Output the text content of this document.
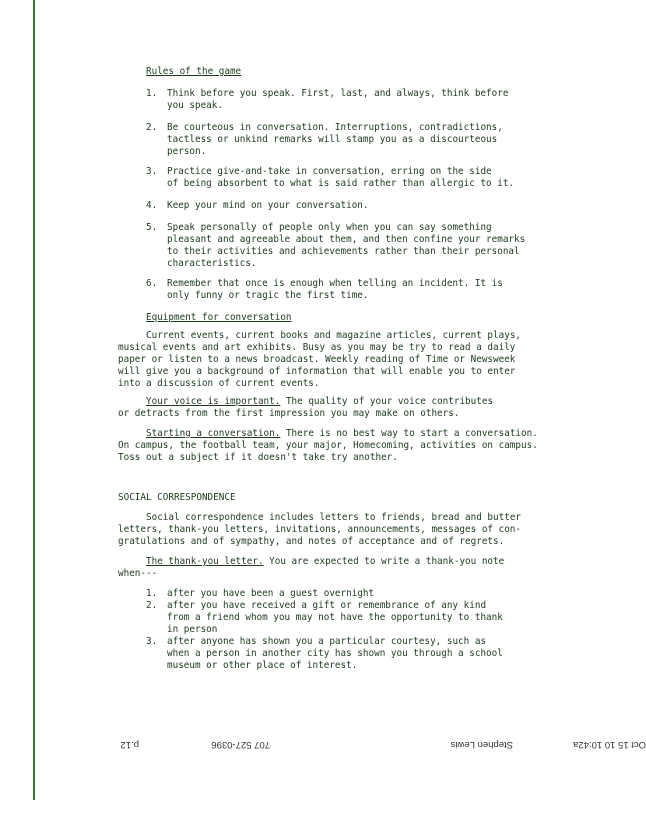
Rules of the game
1. Think before you speak. First, last, and always, think before
you speak.
2. Be courteous in conversation. Interruptions, contradictions,
tactless or unkind remarks will stamp you as a discourteous
person.
3. Practice give-and-take in conversation, erring on the side
of being absorbent to what is said rather than allergic to it.
4. Keep your mind on your conversation.
5. Speak personally of people only when you can say something
pleasant and agreeable about them, and then confine your remarks
to their activities and achievements rather than their personal
characteristics.
6. Remember that once is enough when telling an incident. It is
only funny or tragic the first time.
Equipment for conversation
Current events, current books and magazine articles, current plays,
musical events and art exhibits. Busy as you may be try to read a daily
paper or listen to a news broadcast. Weekly reading of Time or Newsweek
will give you a background of information that will enable you to enter
into a discussion of current events.
Your voice is important. The quality of your voice contributes
or detracts from the first impression you may make on others.
Starting a conversation. There is no best way to start a conversation.
On campus, the football team, your major, Homecoming, activities on campus.
Toss out a subject if it doesn't take try another.
SOCIAL CORRESPONDENCE
Social correspondence includes letters to friends, bread and butter
letters, thank-you letters, invitations, announcements, messages of con-
gratulations and of sympathy, and notes of acceptance and of regrets.
The thank-you letter. You are expected to write a thank-you note
when---
1. after you have been a guest overnight
2. after you have received a gift or remembrance of any kind
from a friend whom you may not have the opportunity to thank
in person
3. after anyone has shown you a particular courtesy, such as
when a person in another city has shown you through a school
museum or other place of interest.
Oct 15 10 10:42a
Stephen Lewis
707 527-0396
p.12
